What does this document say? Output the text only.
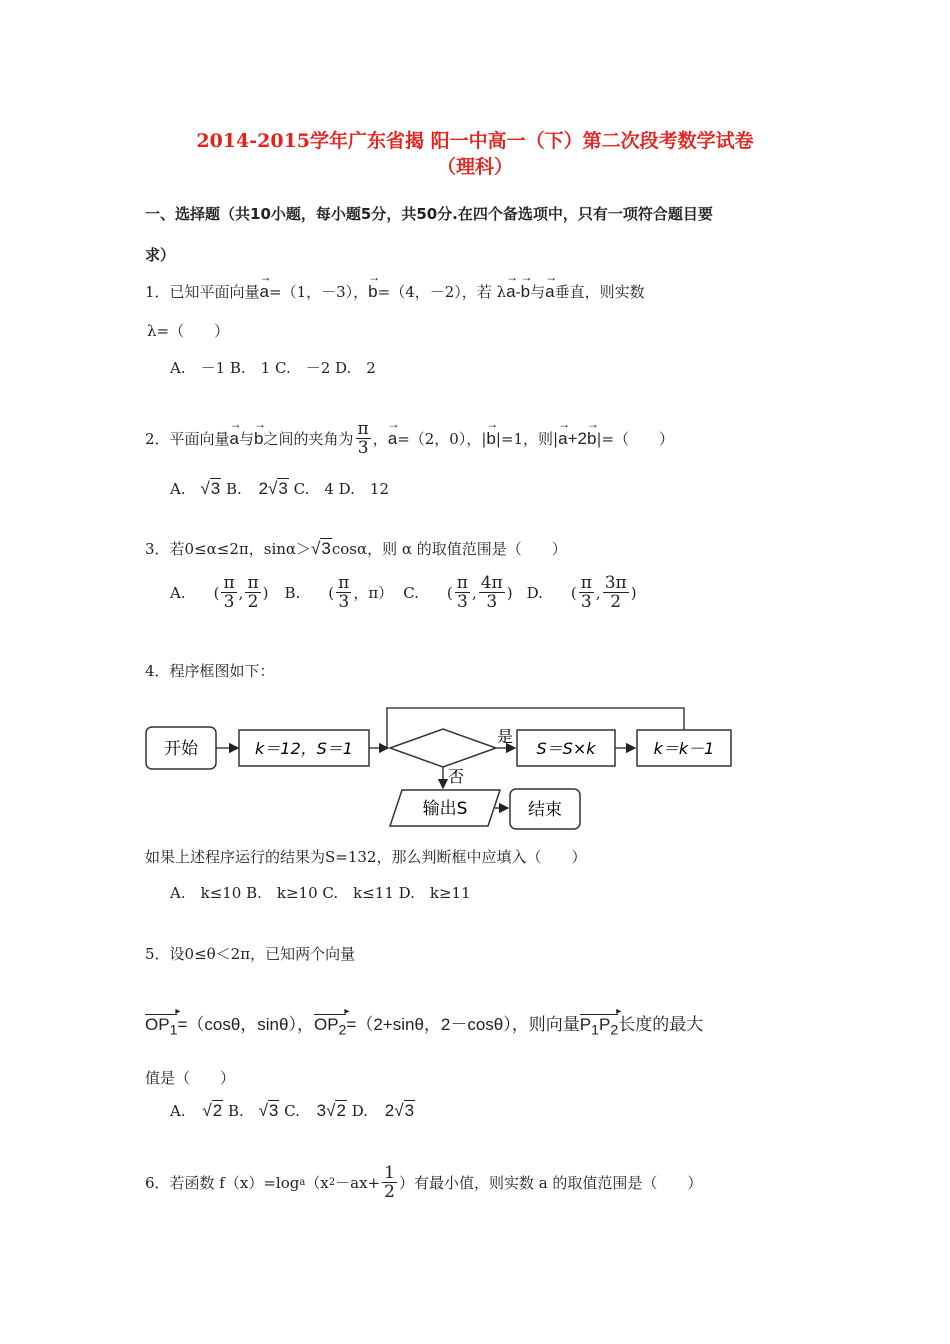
2014-2015学年广东省揭 阳一中高一（下）第二次段考数学试卷
（理科）
一、选择题（共10小题，每小题5分，共50分.在四个备选项中，只有一项符合题目要
求）
1．已知平面向量→ a=（1，－3），→ b=（4，－2），若 λ→ a-→ b与→ a垂直，则实数
λ=（　　）
A.　－1 B.　1 C.　－2 D.　2
2．平面向量 → a 与 → b 之间的夹角为 $\frac{\pi}{3}$ ， → a =（2，0），| → b |=1，则| → a +2 → b |=（　　）
A. √3 B. 2√3 C.　4 D.　12
3．若0≤α≤2π，sinα＞√3cosα，则 α 的取值范围是（　　）
A. ( $\frac{\pi}{3}$ , $\frac{\pi}{2}$ ) B. ( $\frac{\pi}{3}$ ，π） C. ( $\frac{\pi}{3}$ , $\frac{4\pi}{3}$ ) D. ( $\frac{\pi}{3}$ , $\frac{3\pi}{2}$ )
4．程序框图如下：
开始	k＝12，S＝1
是
S＝S×k	k＝k－1
否
输出S	结束
如果上述程序运行的结果为S=132，那么判断框中应填入（　　）
A.　k≤10 B.　k≥10 C.　k≤11 D.　k≥11
5．设0≤θ＜2π，已知两个向量
$OP_1$ ▸=（cosθ，sinθ），$OP_2$ ▸=（2+sinθ，2－cosθ），则向量$P_1P_2$ ▸长度的最大
值是（　　）
A. √2 B. √3 C. 3√2 D. 2√3
6．若函数 f（x）=log a （x $2 -ax+ \frac{1}{2}$ ）有最小值，则实数 a 的取值范围是（　　）
